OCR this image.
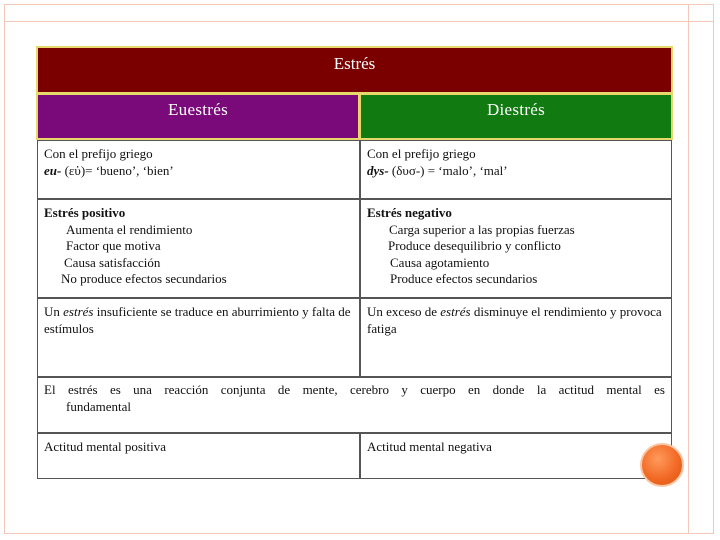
Estrés
Euestrés	Diestrés
Con el prefijo griego
eu- (εὐ)= ‘bueno’, ‘bien’
Con el prefijo griego
dys- (δυσ-) = ‘malo’, ‘mal’
Estrés positivo
Aumenta el rendimiento
Factor que motiva
Causa satisfacción
No produce efectos secundarios
Estrés negativo
Carga superior a las propias fuerzas
Produce desequilibrio y conflicto
Causa agotamiento
Produce efectos secundarios
Un estrés insuficiente se traduce en aburrimiento y falta de estímulos
Un exceso de estrés disminuye el rendimiento y provoca fatiga
El estrés es una reacción conjunta de mente, cerebro y cuerpo en donde la actitud mental es
fundamental
Actitud mental positiva	Actitud mental negativa
